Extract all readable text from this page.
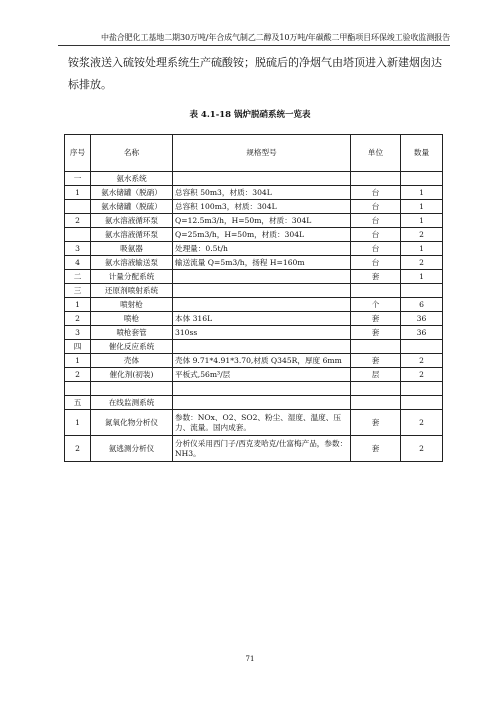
中盐合肥化工基地二期30万吨/年合成气制乙二醇及10万吨/年碳酸二甲酯项目环保竣工验收监测报告
铵浆液送入硫铵处理系统生产硫酸铵；脱硫后的净烟气由塔顶进入新建烟囱达标排放。
表 4.1-18 锅炉脱硝系统一览表
序号	名称	规格型号	单位	数量
一	氨水系统			
1	氨水储罐（脱硝）	总容积 50m3，材质：304L	台	1
	氨水储罐（脱硫）	总容积 100m3，材质：304L	台	1
2	氨水溶液循环泵	Q=12.5m3/h，H=50m，材质：304L	台	1
	氨水溶液循环泵	Q=25m3/h，H=50m，材质：304L	台	2
3	吸氨器	处理量：0.5t/h	台	1
4	氨水溶液输送泵	输送流量 Q=5m3/h，扬程 H=160m	台	2
二	计量分配系统		套	1
三	还原剂喷射系统			
1	喷射枪		个	6
2	喷枪	本体 316L	套	36
3	喷枪套管	310ss	套	36
四	催化反应系统			
1	壳体	壳体 9.71*4.91*3.70,材质 Q345R，厚度 6mm	套	2
2	催化剂(初装)	平板式,56m³/层	层	2

五	在线监测系统			
1	氮氧化物分析仪	参数：NOx、O2、SO2、粉尘、湿度、温度、压力、流量。国内成套。	套	2
2	氨逃测分析仪	分析仪采用西门子/西克麦哈克/仕富梅产品，参数：NH3。	套	2
71
